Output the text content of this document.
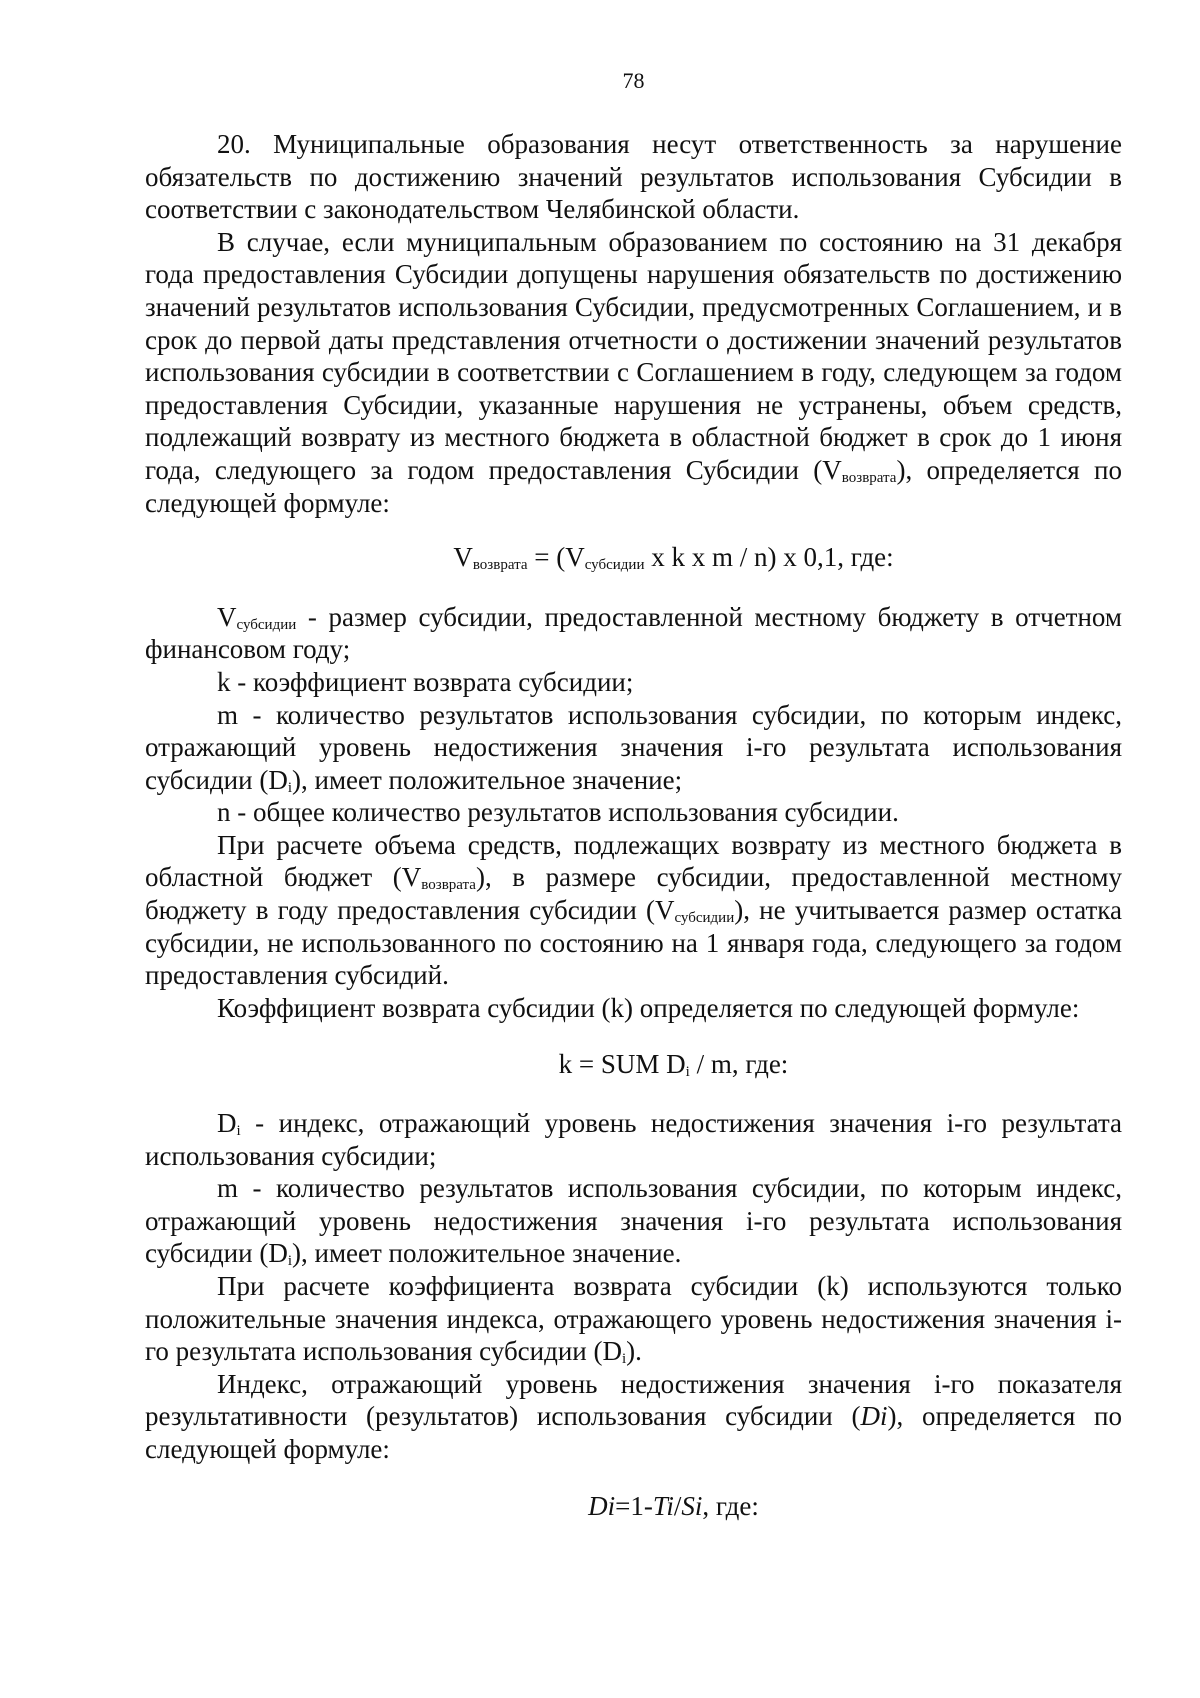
78

20. Муниципальные образования несут ответственность за нарушение обязательств по достижению значений результатов использования Субсидии в соответствии с законодательством Челябинской области.

В случае, если муниципальным образованием по состоянию на 31 декабря года предоставления Субсидии допущены нарушения обязательств по достижению значений результатов использования Субсидии, предусмотренных Соглашением, и в срок до первой даты представления отчетности о достижении значений результатов использования субсидии в соответствии с Соглашением в году, следующем за годом предоставления Субсидии, указанные нарушения не устранены, объем средств, подлежащий возврату из местного бюджета в областной бюджет в срок до 1 июня года, следующего за годом предоставления Субсидии $(V_{возврата})$, определяется по следующей формуле:

$V_{возврата} = (V_{субсидии}$ x k x m / n) x 0,1, где:

$V_{субсидии}$ - размер субсидии, предоставленной местному бюджету в отчетном финансовом году;

k - коэффициент возврата субсидии;

m - количество результатов использования субсидии, по которым индекс, отражающий уровень недостижения значения i-го результата использования субсидии $(D_i)$, имеет положительное значение;

n - общее количество результатов использования субсидии.

При расчете объема средств, подлежащих возврату из местного бюджета в областной бюджет $(V_{возврата})$, в размере субсидии, предоставленной местному бюджету в году предоставления субсидии $(V_{субсидии})$, не учитывается размер остатка субсидии, не использованного по состоянию на 1 января года, следующего за годом предоставления субсидий.

Коэффициент возврата субсидии (k) определяется по следующей формуле:

k = SUM $D_i$ / m, где:

$D_i$ - индекс, отражающий уровень недостижения значения i-го результата использования субсидии;

m - количество результатов использования субсидии, по которым индекс, отражающий уровень недостижения значения i-го результата использования субсидии $(D_i)$, имеет положительное значение.

При расчете коэффициента возврата субсидии (k) используются только положительные значения индекса, отражающего уровень недостижения значения i-го результата использования субсидии $(D_i)$.

Индекс, отражающий уровень недостижения значения i-го показателя результативности (результатов) использования субсидии (Di), определяется по следующей формуле:

Di=1-Ti/Si, где:
